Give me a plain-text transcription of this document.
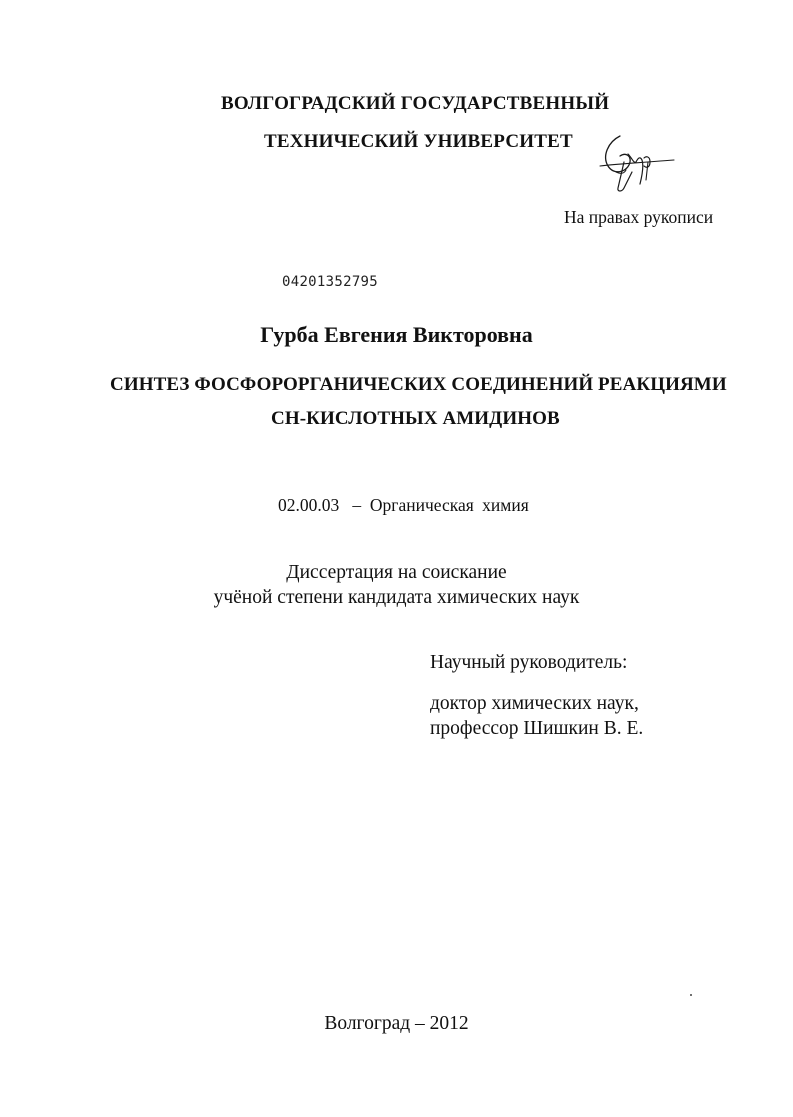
ВОЛГОГРАДСКИЙ ГОСУДАРСТВЕННЫЙ
ТЕХНИЧЕСКИЙ УНИВЕРСИТЕТ
На правах рукописи
04201352795
Гурба Евгения Викторовна
СИНТЕЗ ФОСФОРОРГАНИЧЕСКИХ СОЕДИНЕНИЙ РЕАКЦИЯМИ
CH-КИСЛОТНЫХ АМИДИНОВ
02.00.03 – Органическая химия
Диссертация на соискание
учёной степени кандидата химических наук
Научный руководитель:
доктор химических наук,
профессор Шишкин В. Е.
Волгоград – 2012
